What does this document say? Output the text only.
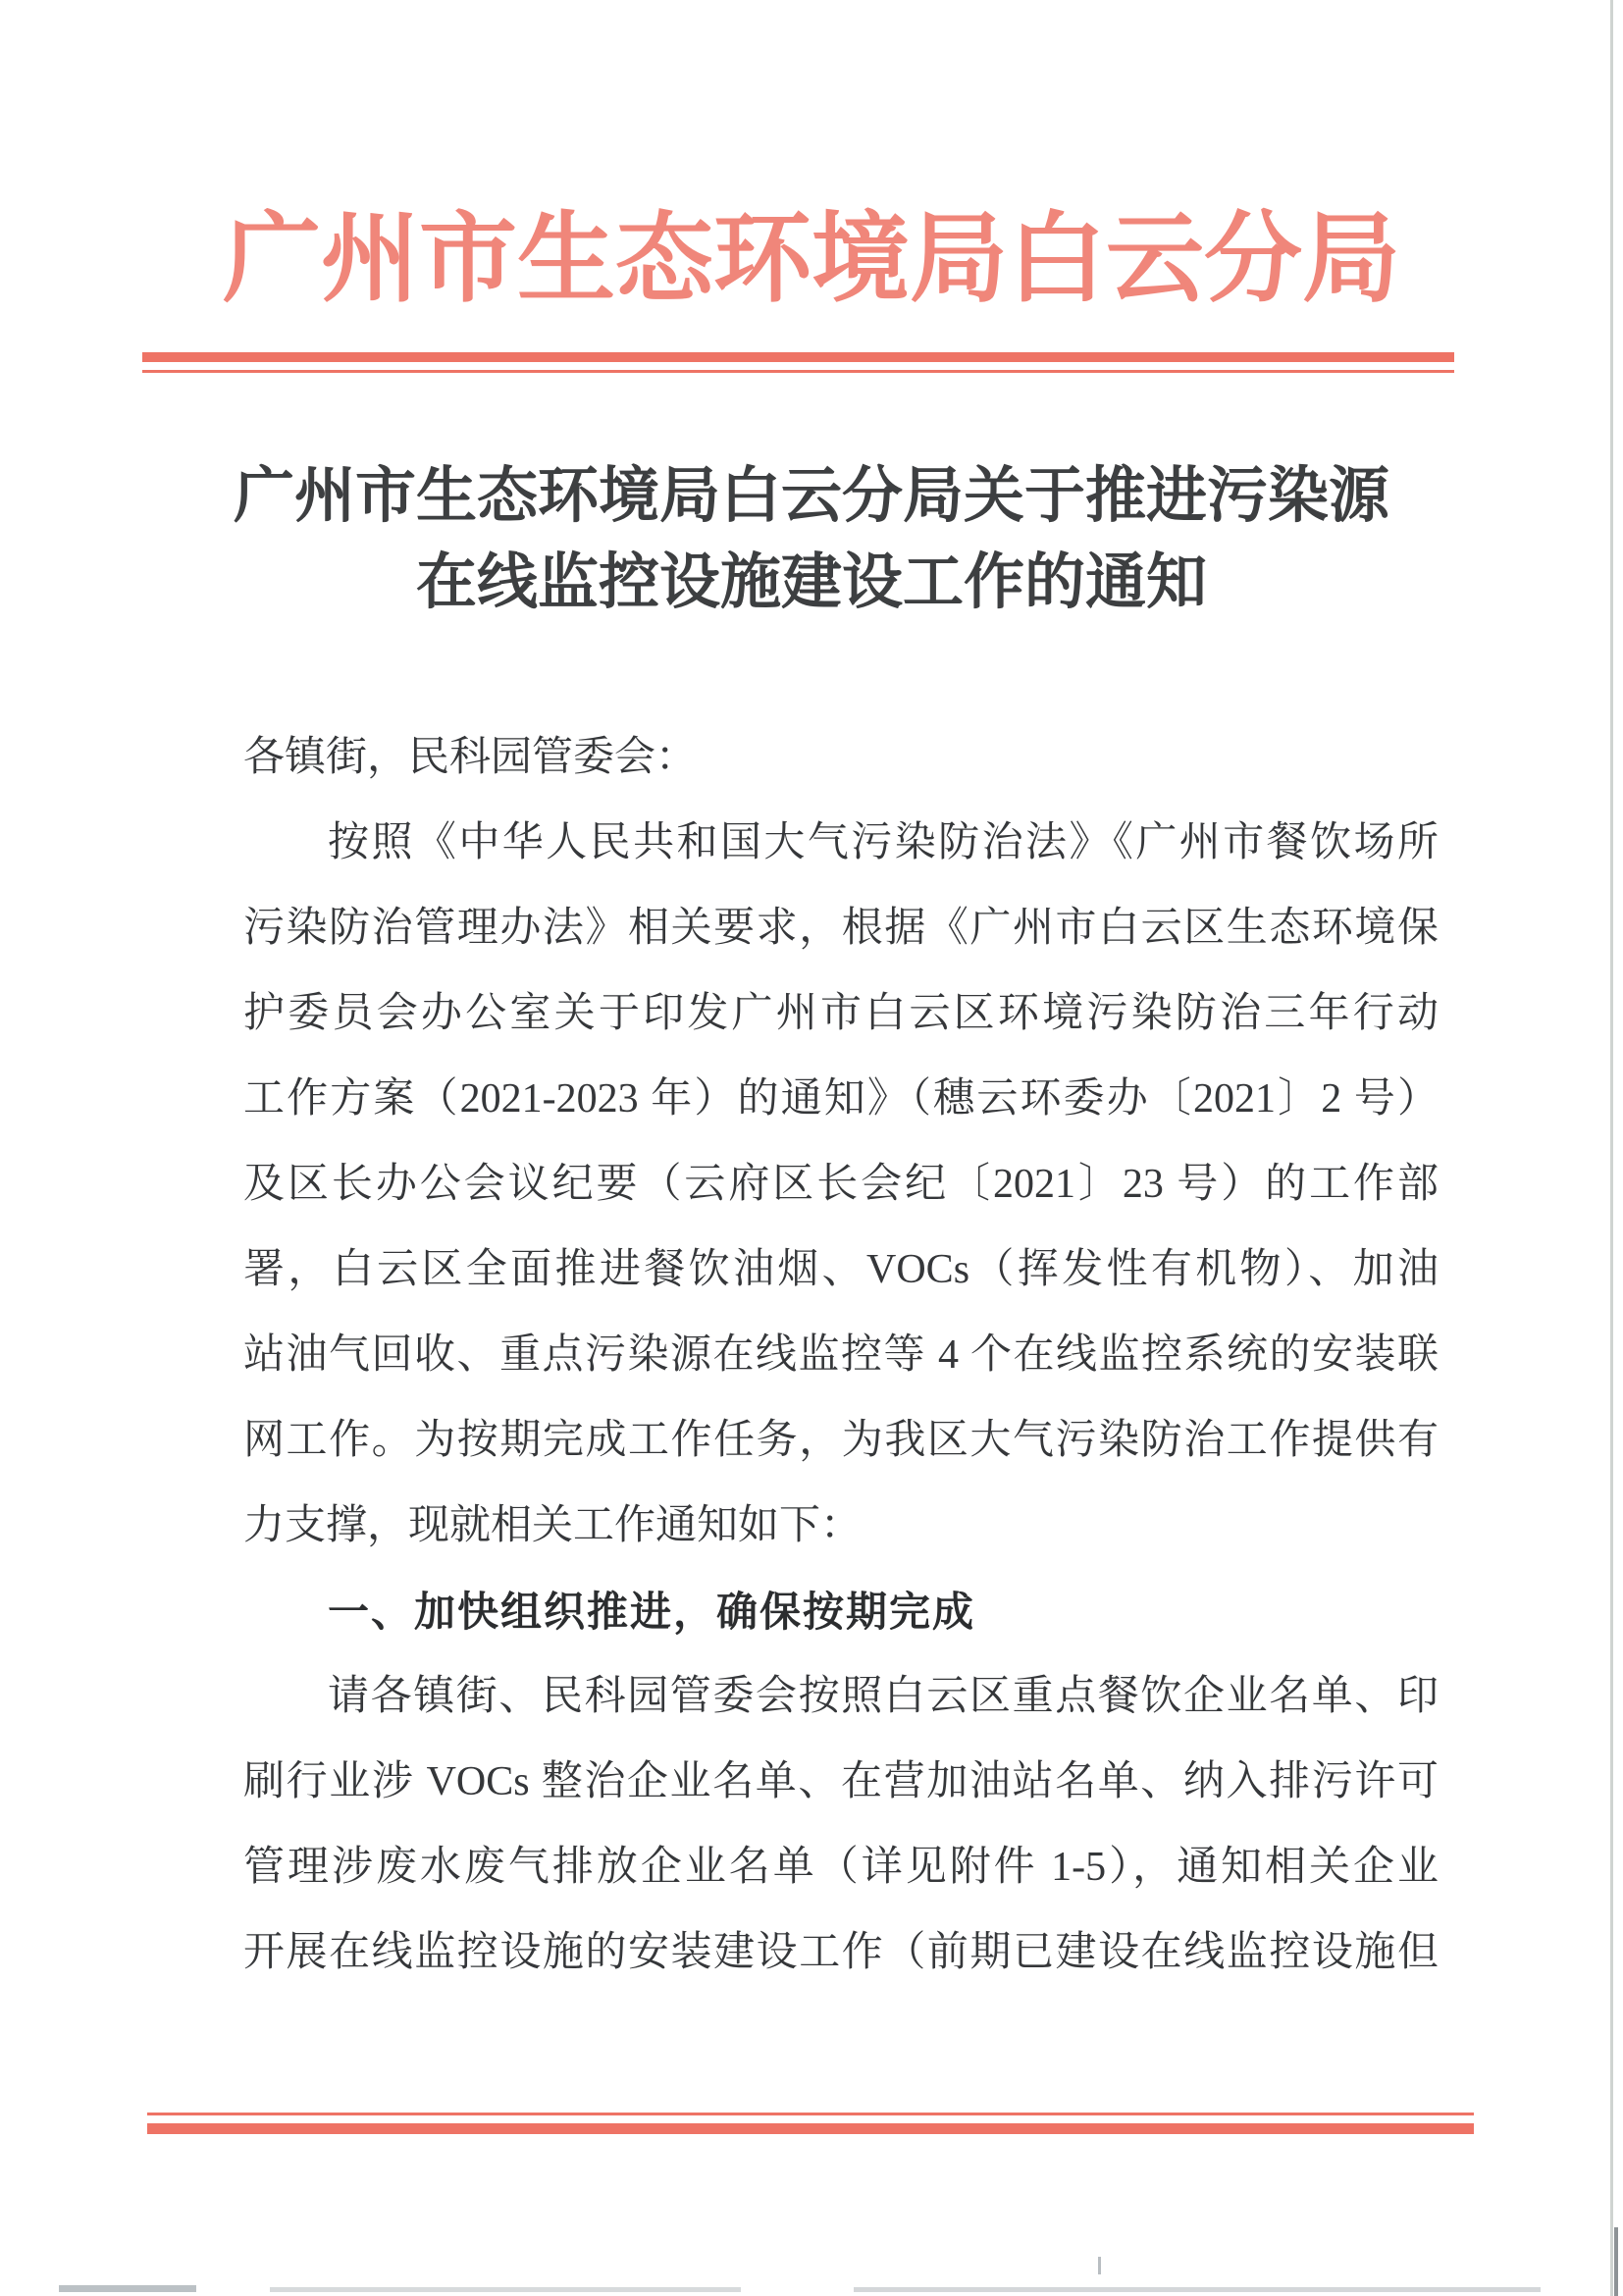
广州市生态环境局白云分局
广州市生态环境局白云分局关于推进污染源
在线监控设施建设工作的通知
各镇街，民科园管委会：
按照《中华人民共和国大气污染防治法》《广州市餐饮场所
污染防治管理办法》相关要求，根据《广州市白云区生态环境保
护委员会办公室关于印发广州市白云区环境污染防治三年行动
工作方案（2021-2023 年）的通知》（穗云环委办〔2021〕2 号）
及区长办公会议纪要（云府区长会纪〔2021〕23 号）的工作部
署，白云区全面推进餐饮油烟、VOCs（挥发性有机物）、加油
站油气回收、重点污染源在线监控等 4 个在线监控系统的安装联
网工作。为按期完成工作任务，为我区大气污染防治工作提供有
力支撑，现就相关工作通知如下：
一、加快组织推进，确保按期完成
请各镇街、民科园管委会按照白云区重点餐饮企业名单、印
刷行业涉 VOCs 整治企业名单、在营加油站名单、纳入排污许可
管理涉废水废气排放企业名单（详见附件 1-5），通知相关企业
开展在线监控设施的安装建设工作（前期已建设在线监控设施但
